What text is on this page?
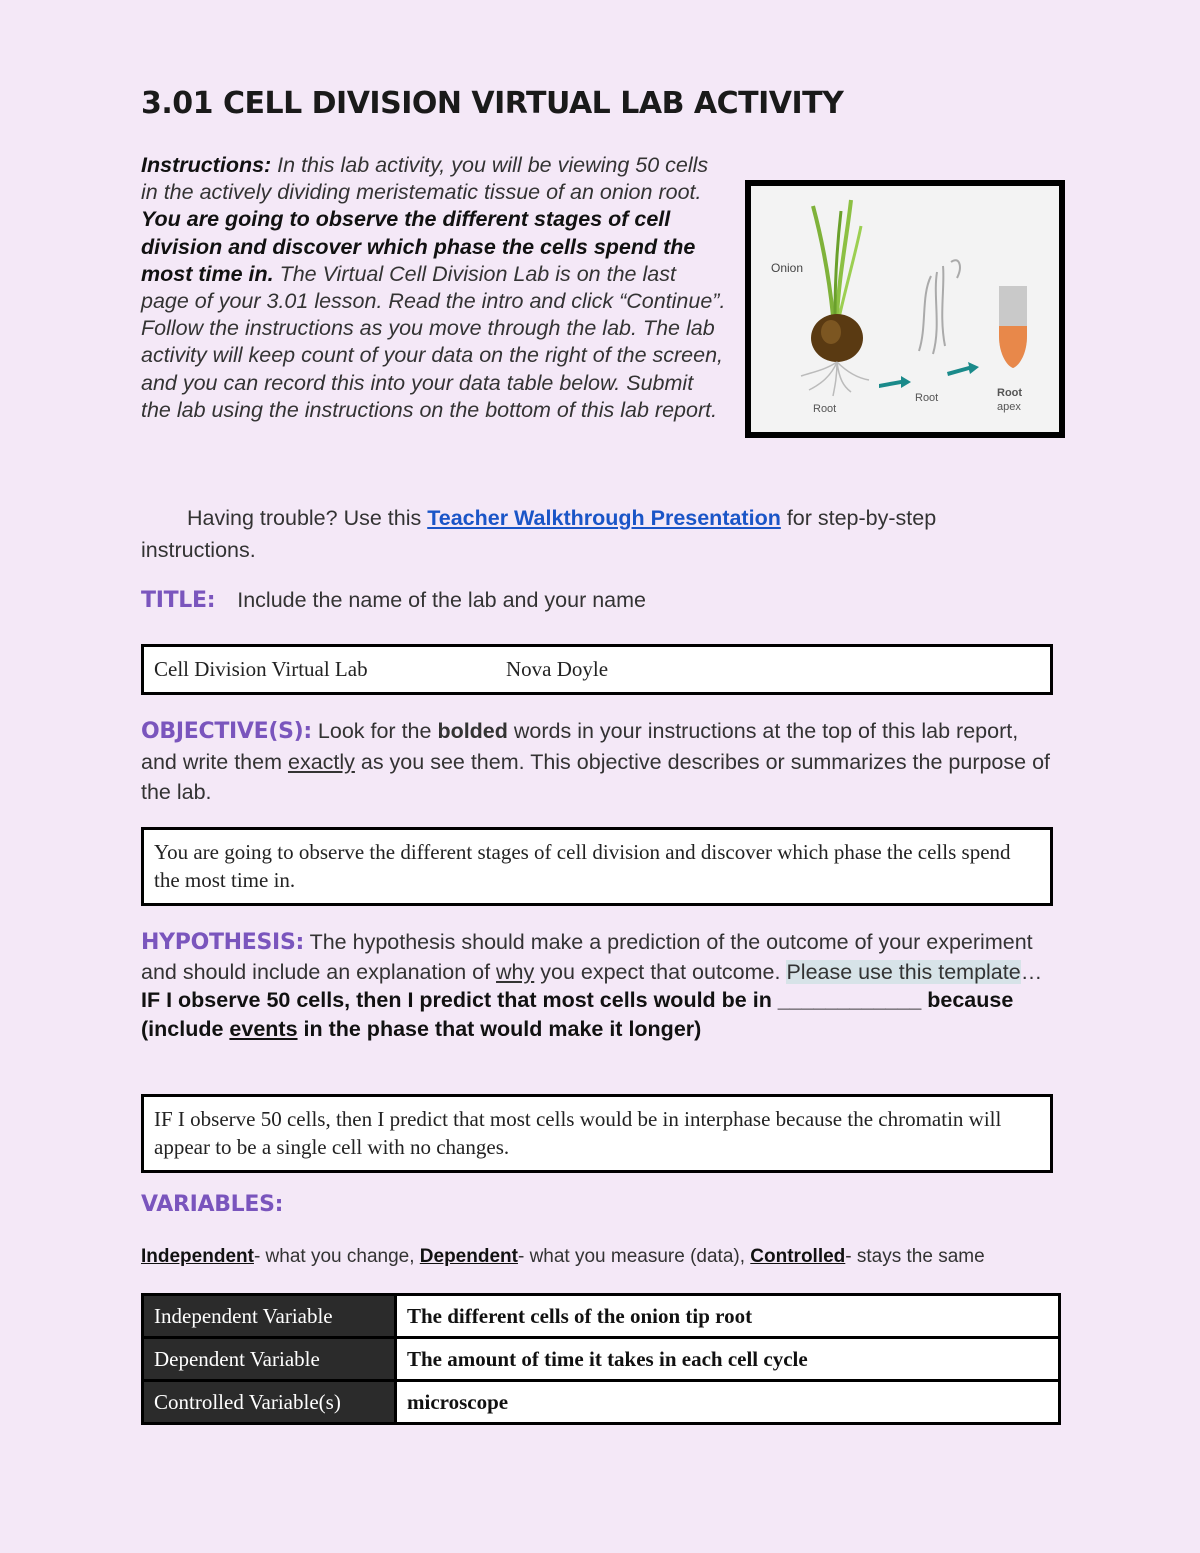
3.01 CELL DIVISION VIRTUAL LAB ACTIVITY
Instructions: In this lab activity, you will be viewing 50 cells in the actively dividing meristematic tissue of an onion root. You are going to observe the different stages of cell division and discover which phase the cells spend the most time in. The Virtual Cell Division Lab is on the last page of your 3.01 lesson. Read the intro and click “Continue”. Follow the instructions as you move through the lab. The lab activity will keep count of your data on the right of the screen, and you can record this into your data table below. Submit the lab using the instructions on the bottom of this lab report.
Onion
Root
Root	Root
apex
Having trouble? Use this Teacher Walkthrough Presentation for step-by-step instructions.
TITLE: Include the name of the lab and your name
Cell Division Virtual Lab	Nova Doyle
OBJECTIVE(S): Look for the bolded words in your instructions at the top of this lab report, and write them exactly as you see them. This objective describes or summarizes the purpose of the lab.
You are going to observe the different stages of cell division and discover which phase the cells spend the most time in.
HYPOTHESIS: The hypothesis should make a prediction of the outcome of your experiment and should include an explanation of why you expect that outcome. Please use this template… IF I observe 50 cells, then I predict that most cells would be in ____________ because (include events in the phase that would make it longer)
IF I observe 50 cells, then I predict that most cells would be in interphase because the chromatin will appear to be a single cell with no changes.
VARIABLES:
Independent- what you change, Dependent- what you measure (data), Controlled- stays the same
Independent Variable	The different cells of the onion tip root
Dependent Variable	The amount of time it takes in each cell cycle
Controlled Variable(s)	microscope
